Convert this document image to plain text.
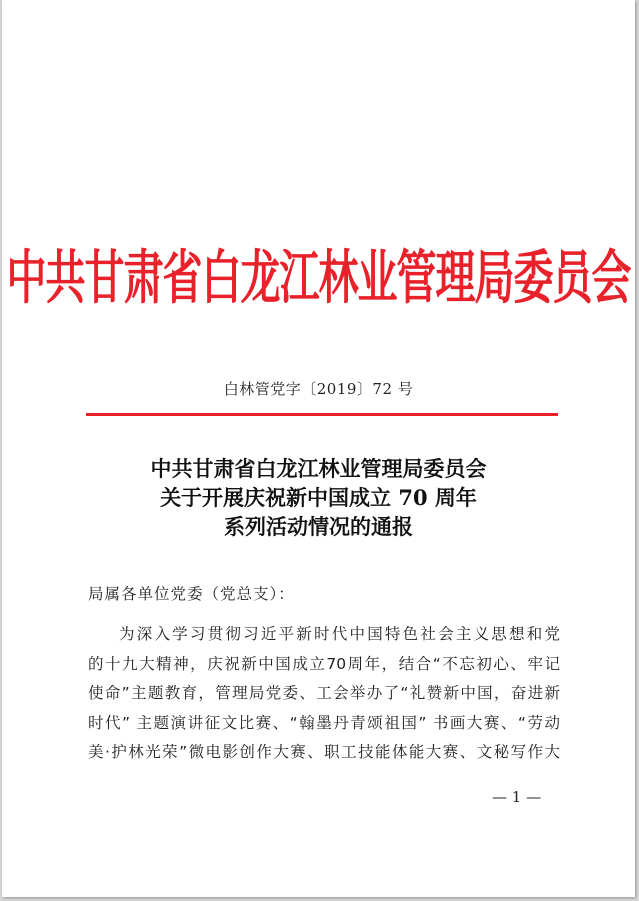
中共甘肃省白龙江林业管理局委员会
白林管党字〔2019〕72 号
中共甘肃省白龙江林业管理局委员会
关于开展庆祝新中国成立 70 周年
系列活动情况的通报
局属各单位党委（党总支）：
为深入学习贯彻习近平新时代中国特色社会主义思想和党
的十九大精神，庆祝新中国成立70周年，结合“不忘初心、牢记
使命”主题教育，管理局党委、工会举办了“礼赞新中国，奋进新
时代” 主题演讲征文比赛、“翰墨丹青颂祖国” 书画大赛、“劳动
美·护林光荣”微电影创作大赛、职工技能体能大赛、文秘写作大
— 1 —
